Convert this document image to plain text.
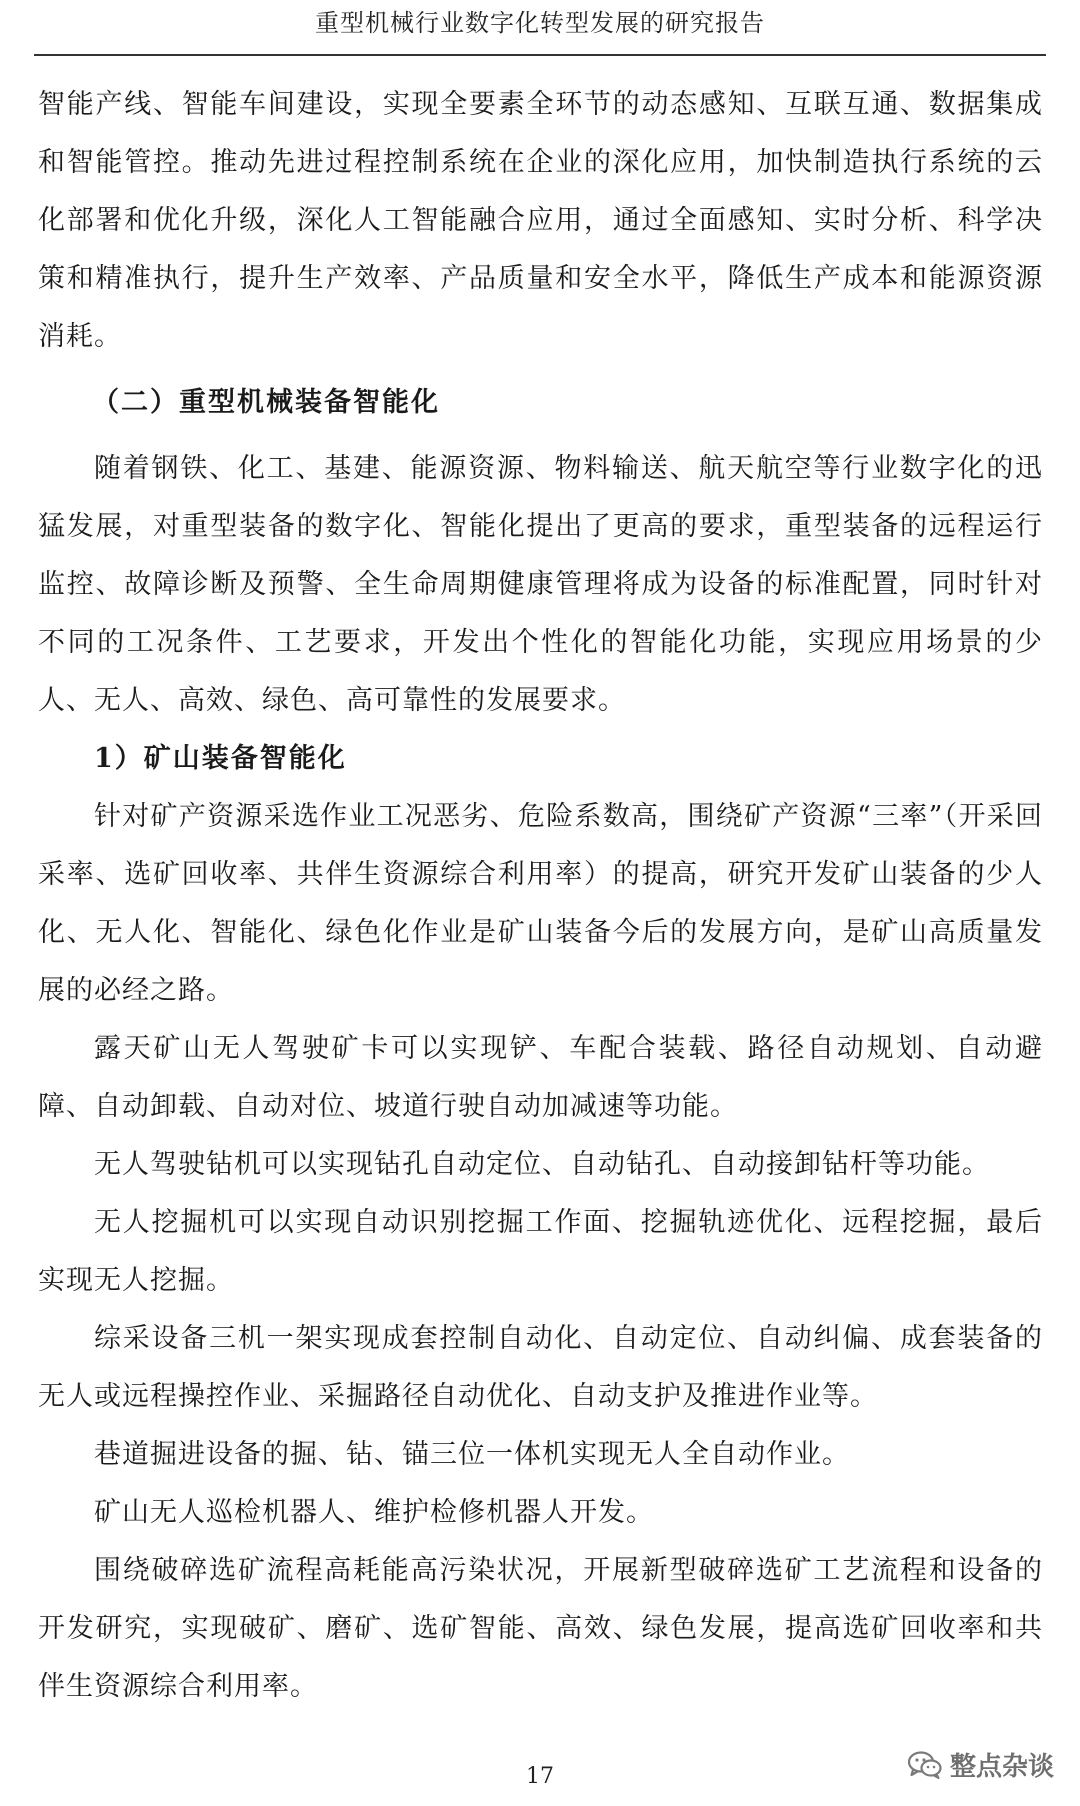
重型机械行业数字化转型发展的研究报告

智能产线、智能车间建设，实现全要素全环节的动态感知、互联互通、数据集成和智能管控。推动先进过程控制系统在企业的深化应用，加快制造执行系统的云化部署和优化升级，深化人工智能融合应用，通过全面感知、实时分析、科学决策和精准执行，提升生产效率、产品质量和安全水平，降低生产成本和能源资源消耗。

（二）重型机械装备智能化

随着钢铁、化工、基建、能源资源、物料输送、航天航空等行业数字化的迅猛发展，对重型装备的数字化、智能化提出了更高的要求，重型装备的远程运行监控、故障诊断及预警、全生命周期健康管理将成为设备的标准配置，同时针对不同的工况条件、工艺要求，开发出个性化的智能化功能，实现应用场景的少人、无人、高效、绿色、高可靠性的发展要求。

1）矿山装备智能化

针对矿产资源采选作业工况恶劣、危险系数高，围绕矿产资源“三率”（开采回采率、选矿回收率、共伴生资源综合利用率）的提高，研究开发矿山装备的少人化、无人化、智能化、绿色化作业是矿山装备今后的发展方向，是矿山高质量发展的必经之路。

露天矿山无人驾驶矿卡可以实现铲、车配合装载、路径自动规划、自动避障、自动卸载、自动对位、坡道行驶自动加减速等功能。

无人驾驶钻机可以实现钻孔自动定位、自动钻孔、自动接卸钻杆等功能。

无人挖掘机可以实现自动识别挖掘工作面、挖掘轨迹优化、远程挖掘，最后实现无人挖掘。

综采设备三机一架实现成套控制自动化、自动定位、自动纠偏、成套装备的无人或远程操控作业、采掘路径自动优化、自动支护及推进作业等。

巷道掘进设备的掘、钻、锚三位一体机实现无人全自动作业。

矿山无人巡检机器人、维护检修机器人开发。

围绕破碎选矿流程高耗能高污染状况，开展新型破碎选矿工艺流程和设备的开发研究，实现破矿、磨矿、选矿智能、高效、绿色发展，提高选矿回收率和共伴生资源综合利用率。

17	整点杂谈
